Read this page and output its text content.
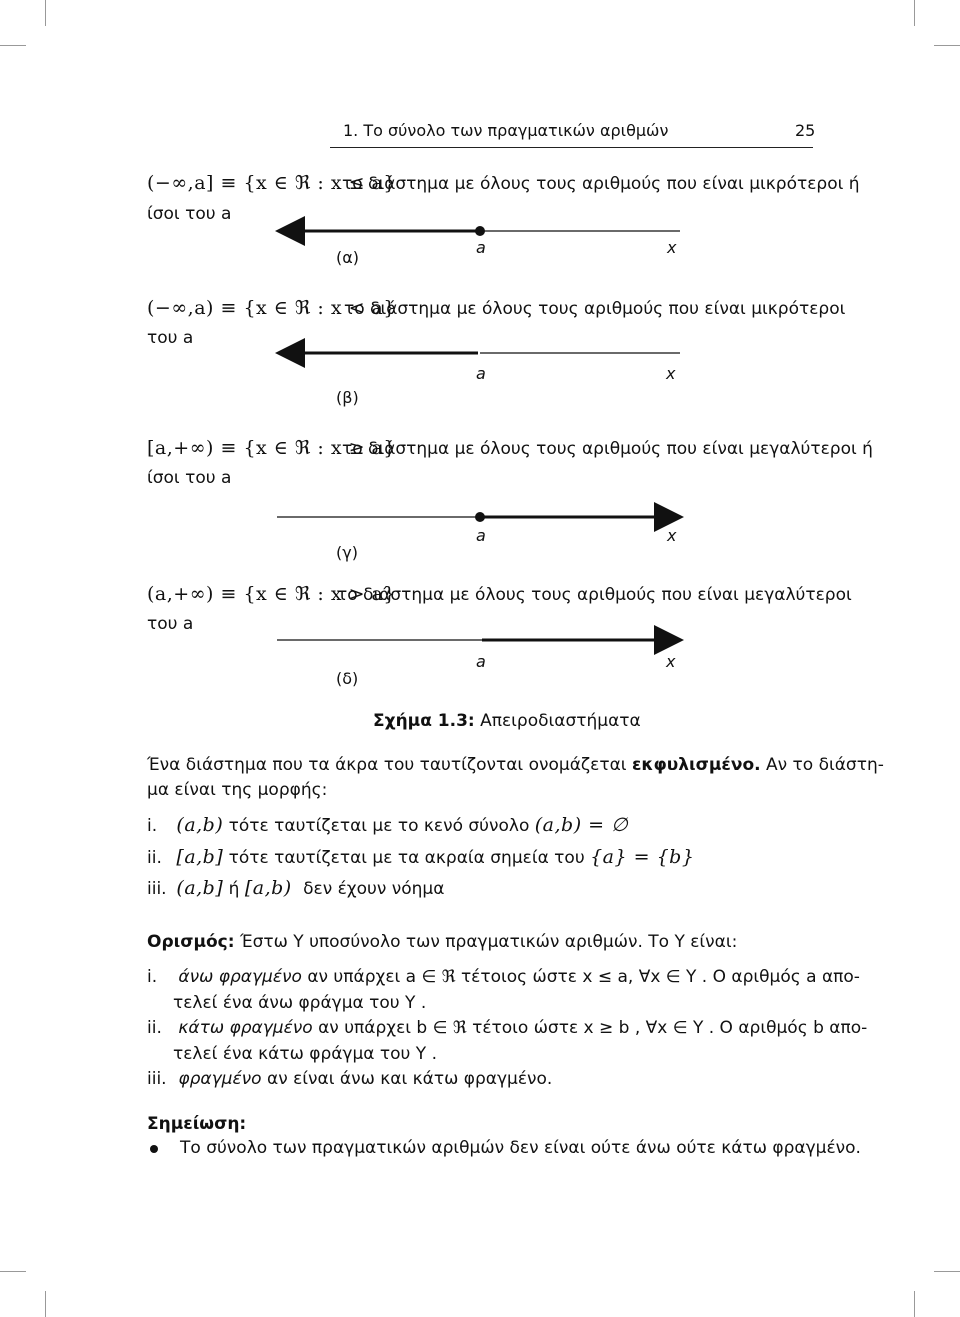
1. Το σύνολο των πραγματικών αριθμών	25
(−∞,a] ≡ {x ∈ ℜ : x ≤ a}
το διάστημα με όλους τους αριθμούς που είναι μικρότεροι ή
ίσοι του a
a	x
(α)
(−∞,a) ≡ {x ∈ ℜ : x < a}
το διάστημα με όλους τους αριθμούς που είναι μικρότεροι
του a
a	x
(β)
[a,+∞) ≡ {x ∈ ℜ : x ≥ a}
το διάστημα με όλους τους αριθμούς που είναι μεγαλύτεροι ή
ίσοι του a
a	x
(γ)
(a,+∞) ≡ {x ∈ ℜ : x > a}
το διάστημα με όλους τους αριθμούς που είναι μεγαλύτεροι
του a
a	x
(δ)
Σχήμα 1.3: Απειροδιαστήματα
Ένα διάστημα που τα άκρα του ταυτίζονται ονομάζεται εκφυλισμένο. Αν το διάστη-
μα είναι της μορφής:
i. (a,b) τότε ταυτίζεται με το κενό σύνολο (a,b) = ∅
ii. [a,b] τότε ταυτίζεται με τα ακραία σημεία του {a} = {b}
iii. (a,b] ή [a,b) δεν έχουν νόημα
Ορισμός: Έστω Y υποσύνολο των πραγματικών αριθμών. Το Y είναι:
i. άνω φραγμένο αν υπάρχει a ∈ ℜ τέτοιος ώστε x ≤ a, ∀x ∈ Y . Ο αριθμός a απο-
τελεί ένα άνω φράγμα του Y .
ii. κάτω φραγμένο αν υπάρχει b ∈ ℜ τέτοιο ώστε x ≥ b , ∀x ∈ Y . Ο αριθμός b απο-
τελεί ένα κάτω φράγμα του Y .
iii. φραγμένο αν είναι άνω και κάτω φραγμένο.
Σημείωση:
Το σύνολο των πραγματικών αριθμών δεν είναι ούτε άνω ούτε κάτω φραγμένο.
